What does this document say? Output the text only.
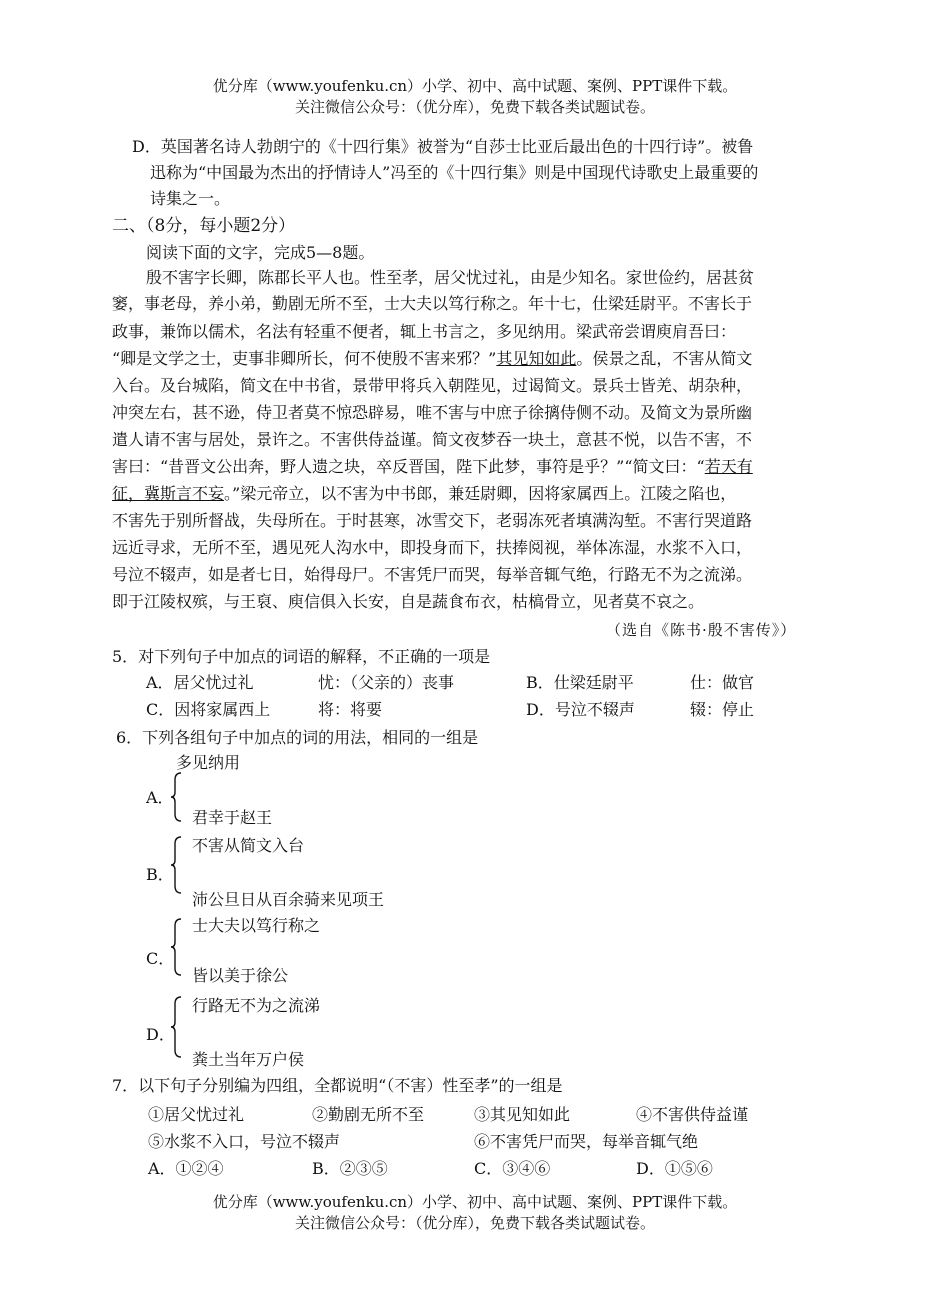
优分库（www.youfenku.cn）小学、初中、高中试题、案例、PPT课件下载。
关注微信公众号：（优分库），免费下载各类试题试卷。
D．英国著名诗人勃朗宁的《十四行集》被誉为“自莎士比亚后最出色的十四行诗”。被鲁
迅称为“中国最为杰出的抒情诗人”冯至的《十四行集》则是中国现代诗歌史上最重要的
诗集之一。
二、（8分，每小题2分）
阅读下面的文字，完成5—8题。
殷不害字长卿，陈郡长平人也。性至孝，居父忧过礼，由是少知名。家世俭约，居甚贫
窭，事老母，养小弟，勤剧无所不至，士大夫以笃行称之。年十七，仕梁廷尉平。不害长于
政事，兼饰以儒术，名法有轻重不便者，辄上书言之，多见纳用。梁武帝尝谓庾肩吾曰：
“卿是文学之士，吏事非卿所长，何不使殷不害来邪？”其见知如此。侯景之乱，不害从简文
入台。及台城陷，简文在中书省，景带甲将兵入朝陛见，过谒简文。景兵士皆羌、胡杂种，
冲突左右，甚不逊，侍卫者莫不惊恐辟易，唯不害与中庶子徐摛侍侧不动。及简文为景所幽
遣人请不害与居处，景许之。不害供侍益谨。简文夜梦吞一块土，意甚不悦，以告不害，不
害曰：“昔晋文公出奔，野人遗之块，卒反晋国，陛下此梦，事符是乎？”“简文曰：“若天有
征，冀斯言不妄。”梁元帝立，以不害为中书郎，兼廷尉卿，因将家属西上。江陵之陷也，
不害先于别所督战，失母所在。于时甚寒，冰雪交下，老弱冻死者填满沟堑。不害行哭道路
远近寻求，无所不至，遇见死人沟水中，即投身而下，扶捧阅视，举体冻湿，水浆不入口，
号泣不辍声，如是者七日，始得母尸。不害凭尸而哭，每举音辄气绝，行路无不为之流涕。
即于江陵权殡，与王裒、庾信俱入长安，自是蔬食布衣，枯槁骨立，见者莫不哀之。
（选自《陈书·殷不害传》）
5．对下列句子中加点的词语的解释，不正确的一项是
A．居父忧过礼	忧：（父亲的）丧事	B．仕梁廷尉平	仕：做官
C．因将家属西上	将：将要	D．号泣不辍声	辍：停止
6．下列各组句子中加点的词的用法，相同的一组是
多见纳用
A．
君幸于赵王
不害从简文入台
B．
沛公旦日从百余骑来见项王
士大夫以笃行称之
C．
皆以美于徐公
行路无不为之流涕
D．
粪土当年万户侯
7．以下句子分别编为四组，全都说明“（不害）性至孝”的一组是
①居父忧过礼	②勤剧无所不至	③其见知如此	④不害供侍益谨
⑤水浆不入口，号泣不辍声	⑥不害凭尸而哭，每举音辄气绝
A．①②④	B．②③⑤	C．③④⑥	D．①⑤⑥
优分库（www.youfenku.cn）小学、初中、高中试题、案例、PPT课件下载。
关注微信公众号：（优分库），免费下载各类试题试卷。
